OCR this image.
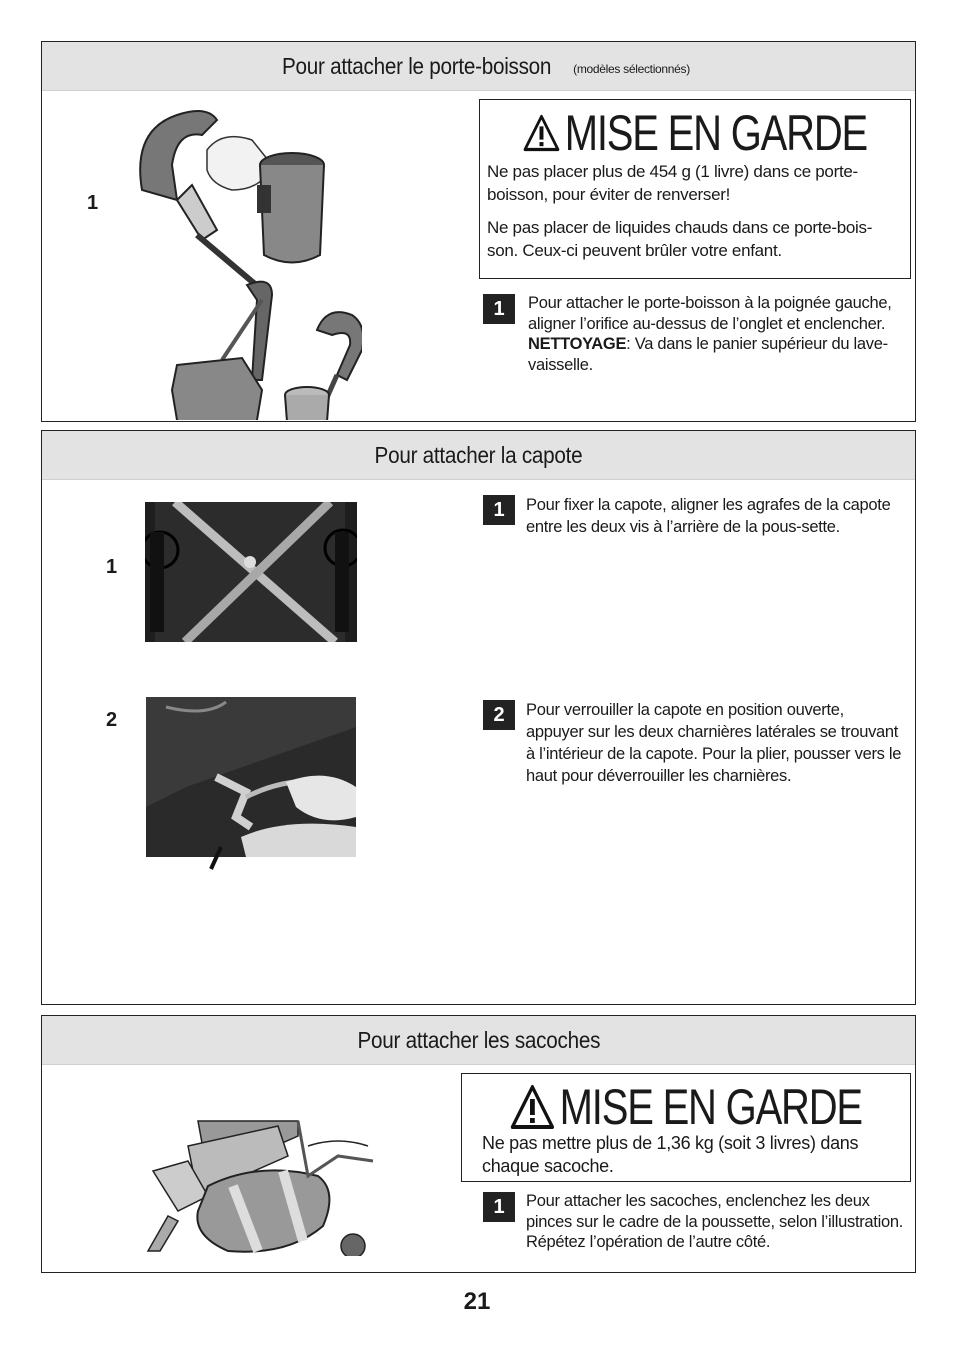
Pour attacher le porte-boisson (modèles sélectionnés)
1
MISE EN GARDE

Ne pas placer plus de 454 g (1 livre) dans ce porte-boisson, pour éviter de renverser!

Ne pas placer de liquides chauds dans ce porte-bois-son. Ceux-ci peuvent brûler votre enfant.

1	Pour attacher le porte-boisson à la poignée gauche, aligner l’orifice au-dessus de l’onglet et enclencher.
NETTOYAGE: Va dans le panier supérieur du lave-vaisselle.
Pour attacher la capote
1
2
1	Pour fixer la capote, aligner les agrafes de la capote entre les deux vis à l’arrière de la pous-sette.
2	Pour verrouiller la capote en position ouverte, appuyer sur les deux charnières latérales se trouvant à l’intérieur de la capote. Pour la plier, pousser vers le haut pour déverrouiller les charnières.
Pour attacher les sacoches
MISE EN GARDE

Ne pas mettre plus de 1,36 kg (soit 3 livres) dans chaque sacoche.

1	Pour attacher les sacoches, enclenchez les deux pinces sur le cadre de la poussette, selon l’illustration. Répétez l’opération de l’autre côté.
21
